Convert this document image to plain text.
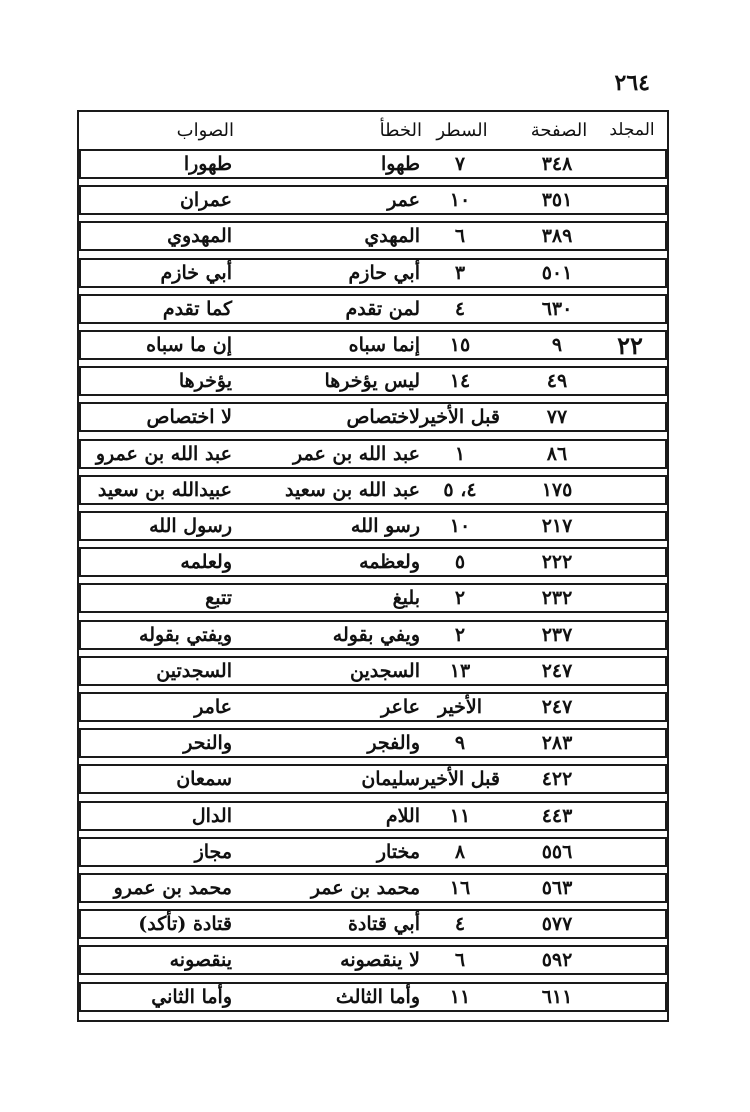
٢٦٤
المجلد
الصفحة
السطر
الخطأ
الصواب
٣٤٨
٧
طهوا
طهورا
٣٥١
١٠
عمر
عمران
٣٨٩
٦
المهدي
المهدوي
٥٠١
٣
أبي حازم
أبي خازم
٦٣٠
٤
لمن تقدم
كما تقدم
٢٢
٩
١٥
إنما سباه
إن ما سباه
٤٩
١٤
ليس يؤخرها
يؤخرها
٧٧
قبل الأخير
لاختصاص
لا اختصاص
٨٦
١
عبد الله بن عمر
عبد الله بن عمرو
١٧٥
٤، ٥
عبد الله بن سعيد
عبيدالله بن سعيد
٢١٧
١٠
رسو الله
رسول الله
٢٢٢
٥
ولعظمه
ولعلمه
٢٣٢
٢
بليغ
تتبع
٢٣٧
٢
ويفي بقوله
ويفتي بقوله
٢٤٧
١٣
السجدين
السجدتين
٢٤٧
الأخير
عاعر
عامر
٢٨٣
٩
والفجر
والنحر
٤٢٢
قبل الأخير
سليمان
سمعان
٤٤٣
١١
اللام
الدال
٥٥٦
٨
مختار
مجاز
٥٦٣
١٦
محمد بن عمر
محمد بن عمرو
٥٧٧
٤
أبي قتادة
قتادة (تأكد)
٥٩٢
٦
لا ينقصونه
ينقصونه
٦١١
١١
وأما الثالث
وأما الثاني
